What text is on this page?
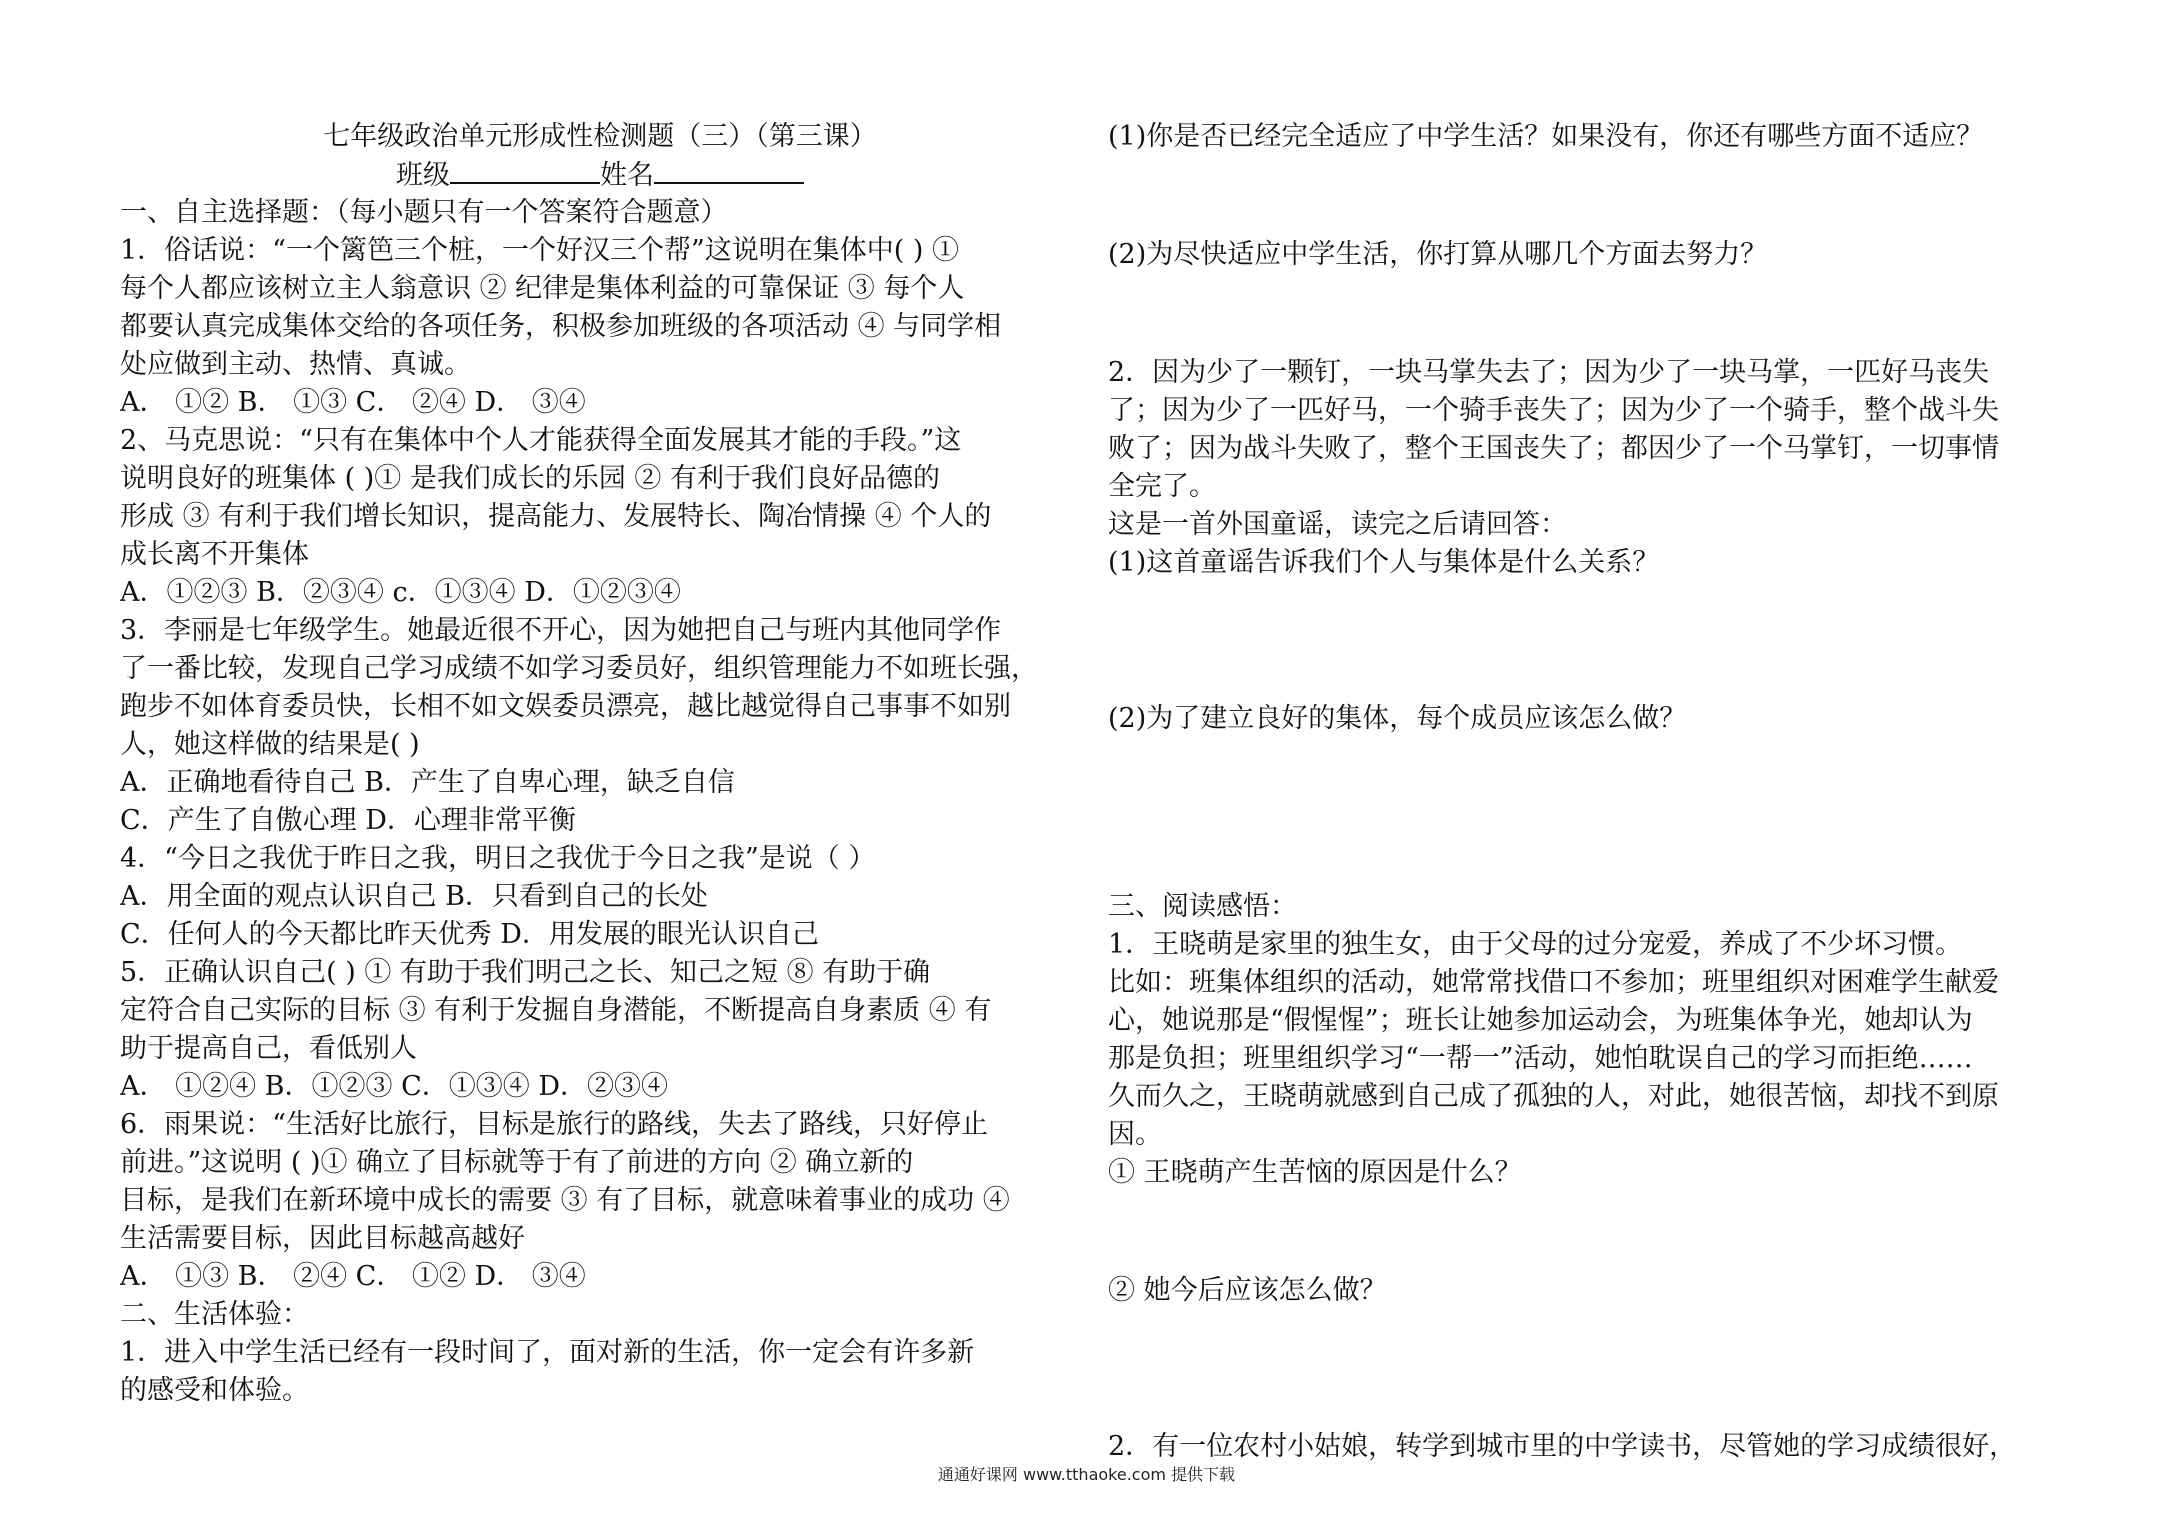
七年级政治单元形成性检测题（三）（第三课）
班级	姓名
一、自主选择题：（每小题只有一个答案符合题意）
1．俗话说：“一个篱笆三个桩，一个好汉三个帮”这说明在集体中( ) ①
每个人都应该树立主人翁意识 ② 纪律是集体利益的可靠保证 ③ 每个人
都要认真完成集体交给的各项任务，积极参加班级的各项活动 ④ 与同学相
处应做到主动、热情、真诚。
A． ①② B． ①③ C． ②④ D． ③④
2、马克思说：“只有在集体中个人才能获得全面发展其才能的手段。”这
说明良好的班集体 ( )① 是我们成长的乐园 ② 有利于我们良好品德的
形成 ③ 有利于我们增长知识，提高能力、发展特长、陶冶情操 ④ 个人的
成长离不开集体
A．①②③ B．②③④ c．①③④ D．①②③④
3．李丽是七年级学生。她最近很不开心，因为她把自己与班内其他同学作
了一番比较，发现自己学习成绩不如学习委员好，组织管理能力不如班长强，
跑步不如体育委员快，长相不如文娱委员漂亮，越比越觉得自己事事不如别
人，她这样做的结果是( )
A．正确地看待自己 B．产生了自卑心理，缺乏自信
C．产生了自傲心理 D．心理非常平衡
4．“今日之我优于昨日之我，明日之我优于今日之我”是说（ ）
A．用全面的观点认识自己 B．只看到自己的长处
C．任何人的今天都比昨天优秀 D．用发展的眼光认识自己
5．正确认识自己( ) ① 有助于我们明己之长、知己之短 ⑧ 有助于确
定符合自己实际的目标 ③ 有利于发掘自身潜能，不断提高自身素质 ④ 有
助于提高自己，看低别人
A． ①②④ B．①②③ C．①③④ D．②③④
6．雨果说：“生活好比旅行，目标是旅行的路线，失去了路线，只好停止
前进。”这说明 ( )① 确立了目标就等于有了前进的方向 ② 确立新的
目标，是我们在新环境中成长的需要 ③ 有了目标，就意味着事业的成功 ④
生活需要目标，因此目标越高越好
A． ①③ B． ②④ C． ①② D． ③④
二、生活体验：
1．进入中学生活已经有一段时间了，面对新的生活，你一定会有许多新
的感受和体验。
(1)你是否已经完全适应了中学生活？如果没有，你还有哪些方面不适应？
(2)为尽快适应中学生活，你打算从哪几个方面去努力？
2．因为少了一颗钉，一块马掌失去了；因为少了一块马掌，一匹好马丧失
了；因为少了一匹好马，一个骑手丧失了；因为少了一个骑手，整个战斗失
败了；因为战斗失败了，整个王国丧失了；都因少了一个马掌钉，一切事情
全完了。
这是一首外国童谣，读完之后请回答：
(1)这首童谣告诉我们个人与集体是什么关系？
(2)为了建立良好的集体，每个成员应该怎么做？
三、阅读感悟：
1．王晓萌是家里的独生女，由于父母的过分宠爱，养成了不少坏习惯。
比如：班集体组织的活动，她常常找借口不参加；班里组织对困难学生献爱
心，她说那是“假惺惺”；班长让她参加运动会，为班集体争光，她却认为
那是负担；班里组织学习“一帮一”活动，她怕耽误自己的学习而拒绝……
久而久之，王晓萌就感到自己成了孤独的人，对此，她很苦恼，却找不到原
因。
① 王晓萌产生苦恼的原因是什么？
② 她今后应该怎么做？
2．有一位农村小姑娘，转学到城市里的中学读书，尽管她的学习成绩很好，
通通好课网 www.tthaoke.com 提供下载
